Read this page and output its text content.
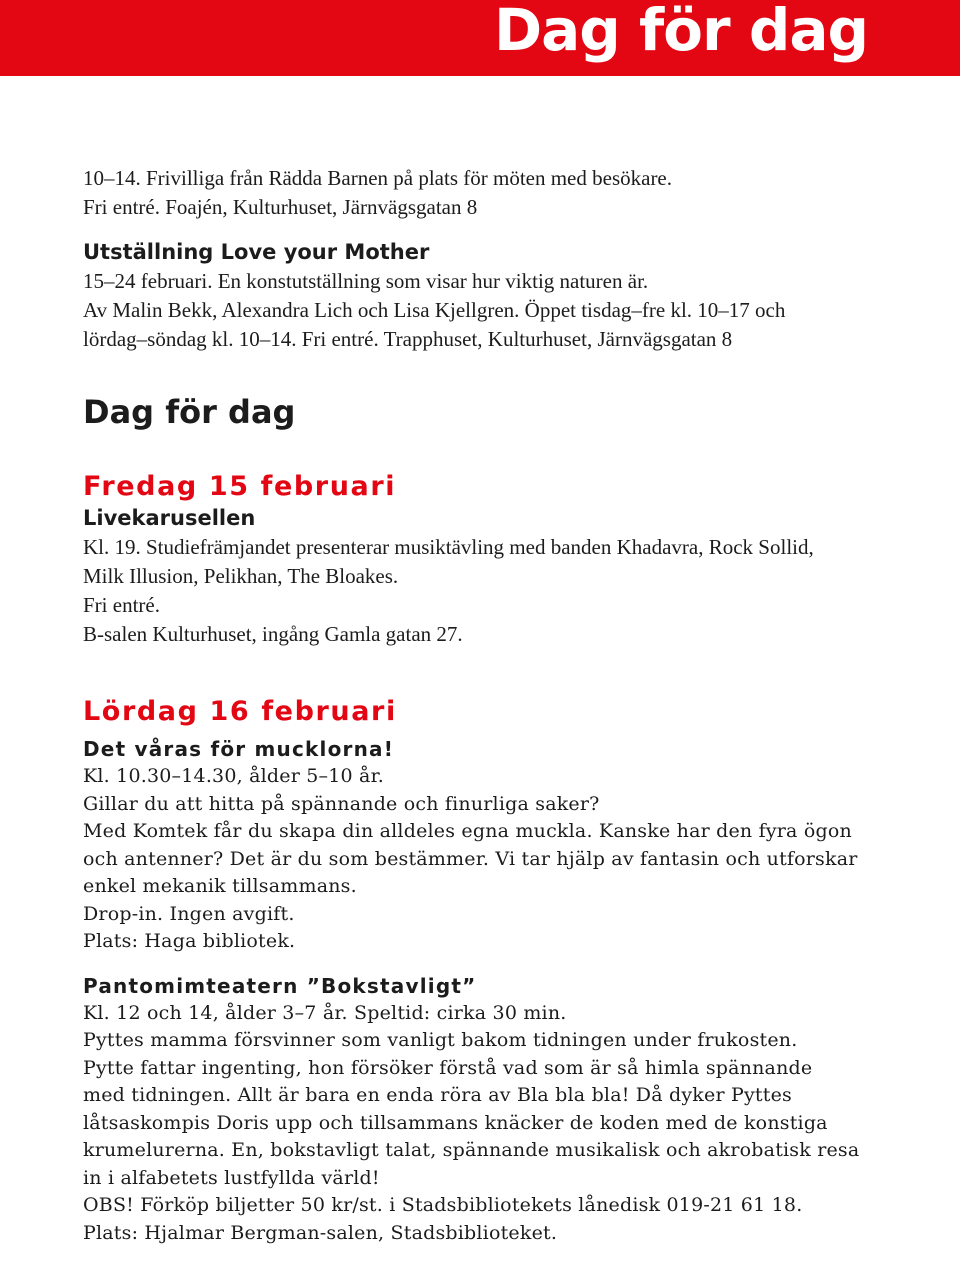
Dag för dag

10–14. Frivilliga från Rädda Barnen på plats för möten med besökare.

Fri entré. Foajén, Kulturhuset, Järnvägsgatan 8

Utställning Love your Mother

15–24 februari. En konstutställning som visar hur viktig naturen är.

Av Malin Bekk, Alexandra Lich och Lisa Kjellgren. Öppet tisdag–fre kl. 10–17 och

lördag–söndag kl. 10–14. Fri entré. Trapphuset, Kulturhuset, Järnvägsgatan 8

Dag för dag

Fredag 15 februari

Livekarusellen

Kl. 19. Studiefrämjandet presenterar musiktävling med banden Khadavra, Rock Sollid,

Milk Illusion, Pelikhan, The Bloakes.

Fri entré.

B-salen Kulturhuset, ingång Gamla gatan 27.

Lördag 16 februari

Det våras för mucklorna!

Kl. 10.30–14.30, ålder 5–10 år.

Gillar du att hitta på spännande och finurliga saker?

Med Komtek får du skapa din alldeles egna muckla. Kanske har den fyra ögon

och antenner? Det är du som bestämmer. Vi tar hjälp av fantasin och utforskar

enkel mekanik tillsammans.

Drop-in. Ingen avgift.

Plats: Haga bibliotek.

Pantomimteatern ”Bokstavligt”

Kl. 12 och 14, ålder 3–7 år. Speltid: cirka 30 min.

Pyttes mamma försvinner som vanligt bakom tidningen under frukosten.

Pytte fattar ingenting, hon försöker förstå vad som är så himla spännande

med tidningen. Allt är bara en enda röra av Bla bla bla! Då dyker Pyttes

låtsaskompis Doris upp och tillsammans knäcker de koden med de konstiga

krumelurerna. En, bokstavligt talat, spännande musikalisk och akrobatisk resa

in i alfabetets lustfyllda värld!

OBS! Förköp biljetter 50 kr/st. i Stadsbibliotekets lånedisk 019-21 61 18.

Plats: Hjalmar Bergman-salen, Stadsbiblioteket.
